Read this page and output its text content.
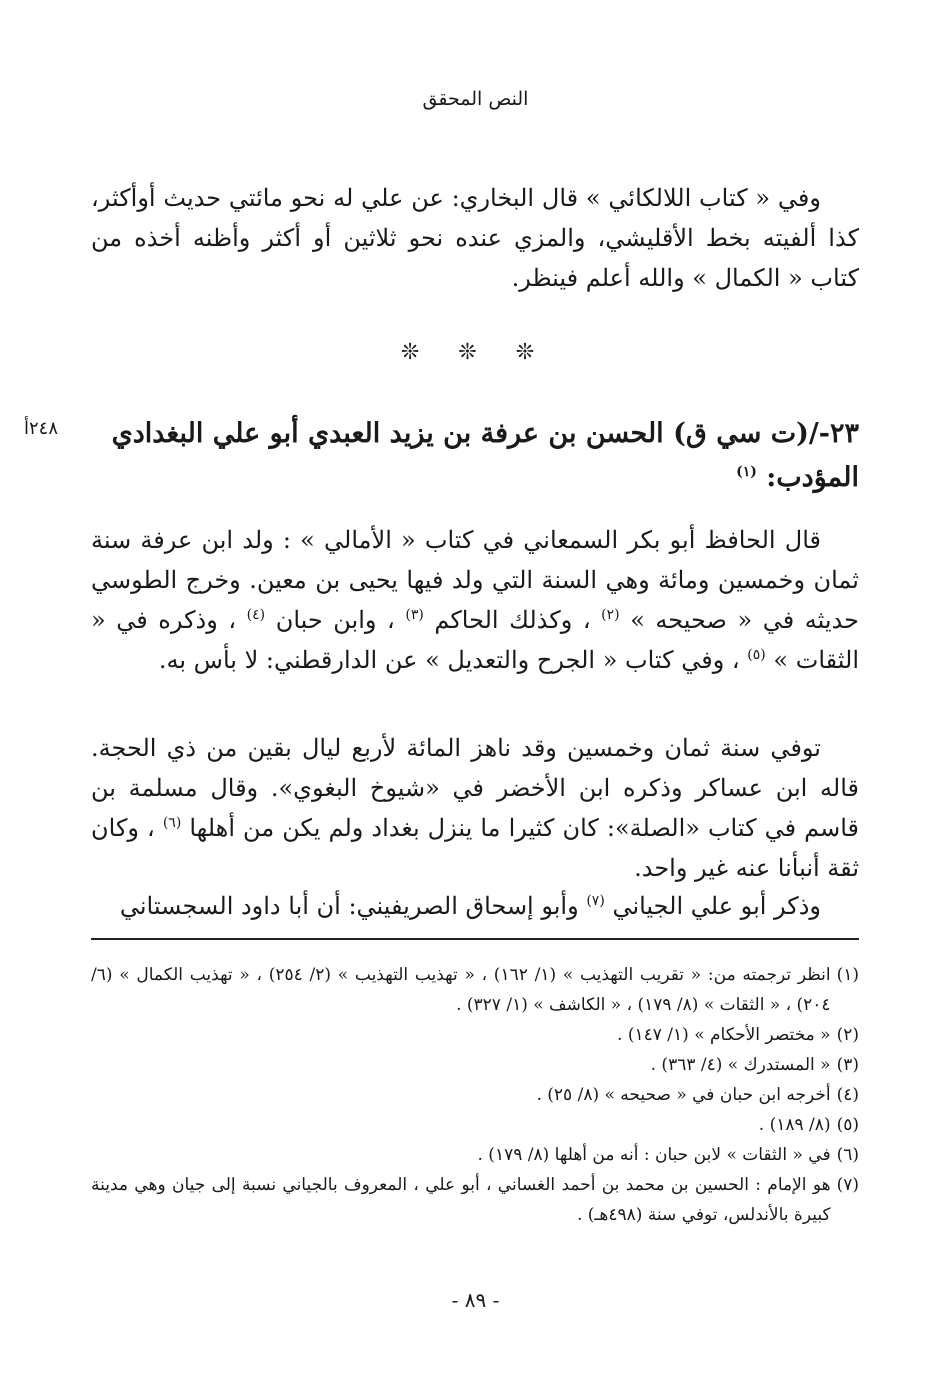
النص المحقق
وفي « كتاب اللالكائي » قال البخاري: عن علي له نحو مائتي حديث أوأكثر، كذا ألفيته بخط الأقليشي، والمزي عنده نحو ثلاثين أو أكثر وأظنه أخذه من كتاب « الكمال » والله أعلم فينظر.
❊ ❊ ❊
٢٣-/(ت سي ق) الحسن بن عرفة بن يزيد العبدي أبو علي البغدادي المؤدب: $^{(١)}$
٢٤٨أ
قال الحافظ أبو بكر السمعاني في كتاب « الأمالي » : ولد ابن عرفة سنة ثمان وخمسين ومائة وهي السنة التي ولد فيها يحيى بن معين. وخرج الطوسي حديثه في « صحيحه » $^{(٢)}$ ، وكذلك الحاكم $^{(٣)}$ ، وابن حبان $^{(٤)}$ ، وذكره في « الثقات » $^{(٥)}$ ، وفي كتاب « الجرح والتعديل » عن الدارقطني: لا بأس به.
توفي سنة ثمان وخمسين وقد ناهز المائة لأربع ليال بقين من ذي الحجة. قاله ابن عساكر وذكره ابن الأخضر في «شيوخ البغوي». وقال مسلمة بن قاسم في كتاب «الصلة»: كان كثيرا ما ينزل بغداد ولم يكن من أهلها $^{(٦)}$ ، وكان ثقة أنبأنا عنه غير واحد.
وذكر أبو علي الجياني $^{(٧)}$ وأبو إسحاق الصريفيني: أن أبا داود السجستاني
(١)
انظر ترجمته من: « تقريب التهذيب » (١/ ١٦٢) ، « تهذيب التهذيب » (٢/ ٢٥٤) ، « تهذيب الكمال » (٦/ ٢٠٤) ، « الثقات » (٨/ ١٧٩) ، « الكاشف » (١/ ٣٢٧) .
(٢)
« مختصر الأحكام » (١/ ١٤٧) .
(٣)
« المستدرك » (٤/ ٣٦٣) .
(٤)
أخرجه ابن حبان في « صحيحه » (٨/ ٢٥) .
(٥)
(٨/ ١٨٩) .
(٦)
في « الثقات » لابن حبان : أنه من أهلها (٨/ ١٧٩) .
(٧)
هو الإمام : الحسين بن محمد بن أحمد الغساني ، أبو علي ، المعروف بالجياني نسبة إلى جيان وهي مدينة كبيرة بالأندلس، توفي سنة (٤٩٨هـ) .
- ٨٩ -
